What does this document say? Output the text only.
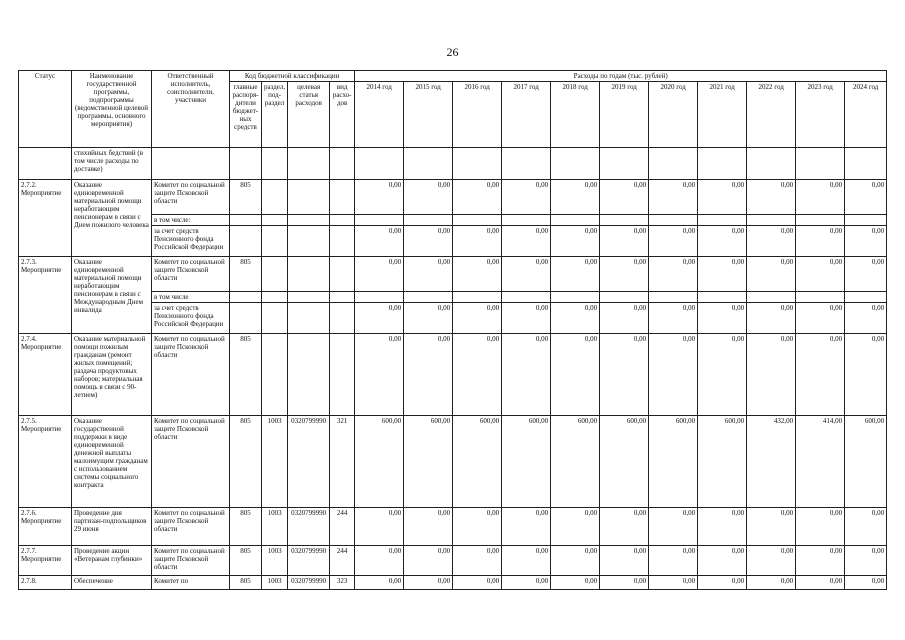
26
Статус	Наименование государственной программы, подпрограммы (ведомственной целевой программы, основного мероприятия)	Ответственный исполнитель, соисполнители, участники	Код бюджетной классификации				Расходы по годам (тыс. рублей)										
			главные распоря-дители бюджет-ных средств	раздел, под-раздел	целевая статья расходов	вид расхо-дов	2014 год	2015 год	2016 год	2017 год	2018 год	2019 год	2020 год	2021 год	2022 год	2023 год	2024 год
	стихийных бедствий (в том числе расходы по доставке)																
2.7.2. Мероприятие	Оказание единовременной материальной помощи неработающим пенсионерам в связи с Днем пожилого человека	Комитет по социальной защите Псковской области	805				0,00	0,00	0,00	0,00	0,00	0,00	0,00	0,00	0,00	0,00	0,00
		в том числе:															
		за счет средств Пенсионного фонда Российской Федерации					0,00	0,00	0,00	0,00	0,00	0,00	0,00	0,00	0,00	0,00	0,00
2.7.3. Мероприятие	Оказание единовременной материальной помощи неработающим пенсионерам в связи с Международным Днем инвалида	Комитет по социальной защите Псковской области	805				0,00	0,00	0,00	0,00	0,00	0,00	0,00	0,00	0,00	0,00	0,00
		в том числе															
		за счет средств Пенсионного фонда Российской Федерации					0,00	0,00	0,00	0,00	0,00	0,00	0,00	0,00	0,00	0,00	0,00
2.7.4. Мероприятие	Оказание материальной помощи пожилым гражданам (ремонт жилых помещений; раздача продуктовых наборов; материальная помощь в связи с 90-летием)	Комитет по социальной защите Псковской области	805				0,00	0,00	0,00	0,00	0,00	0,00	0,00	0,00	0,00	0,00	0,00
2.7.5. Мероприятие	Оказание государственной поддержки в виде единовременной денежной выплаты малоимущим гражданам с использованием системы социального контракта	Комитет по социальной защите Псковской области	805	1003	0320799990	321	600,00	600,00	600,00	600,00	600,00	600,00	600,00	600,00	432,00	414,00	600,00
2.7.6. Мероприятие	Проведение дня партизан-подпольщиков 29 июня	Комитет по социальной защите Псковской области	805	1003	0320799990	244	0,00	0,00	0,00	0,00	0,00	0,00	0,00	0,00	0,00	0,00	0,00
2.7.7. Мероприятие	Проведение акции «Ветеранам глубинки»	Комитет по социальной защите Псковской области	805	1003	0320799990	244	0,00	0,00	0,00	0,00	0,00	0,00	0,00	0,00	0,00	0,00	0,00
2.7.8.	Обеспечение	Комитет по	805	1003	0320799990	323	0,00	0,00	0,00	0,00	0,00	0,00	0,00	0,00	0,00	0,00	0,00
